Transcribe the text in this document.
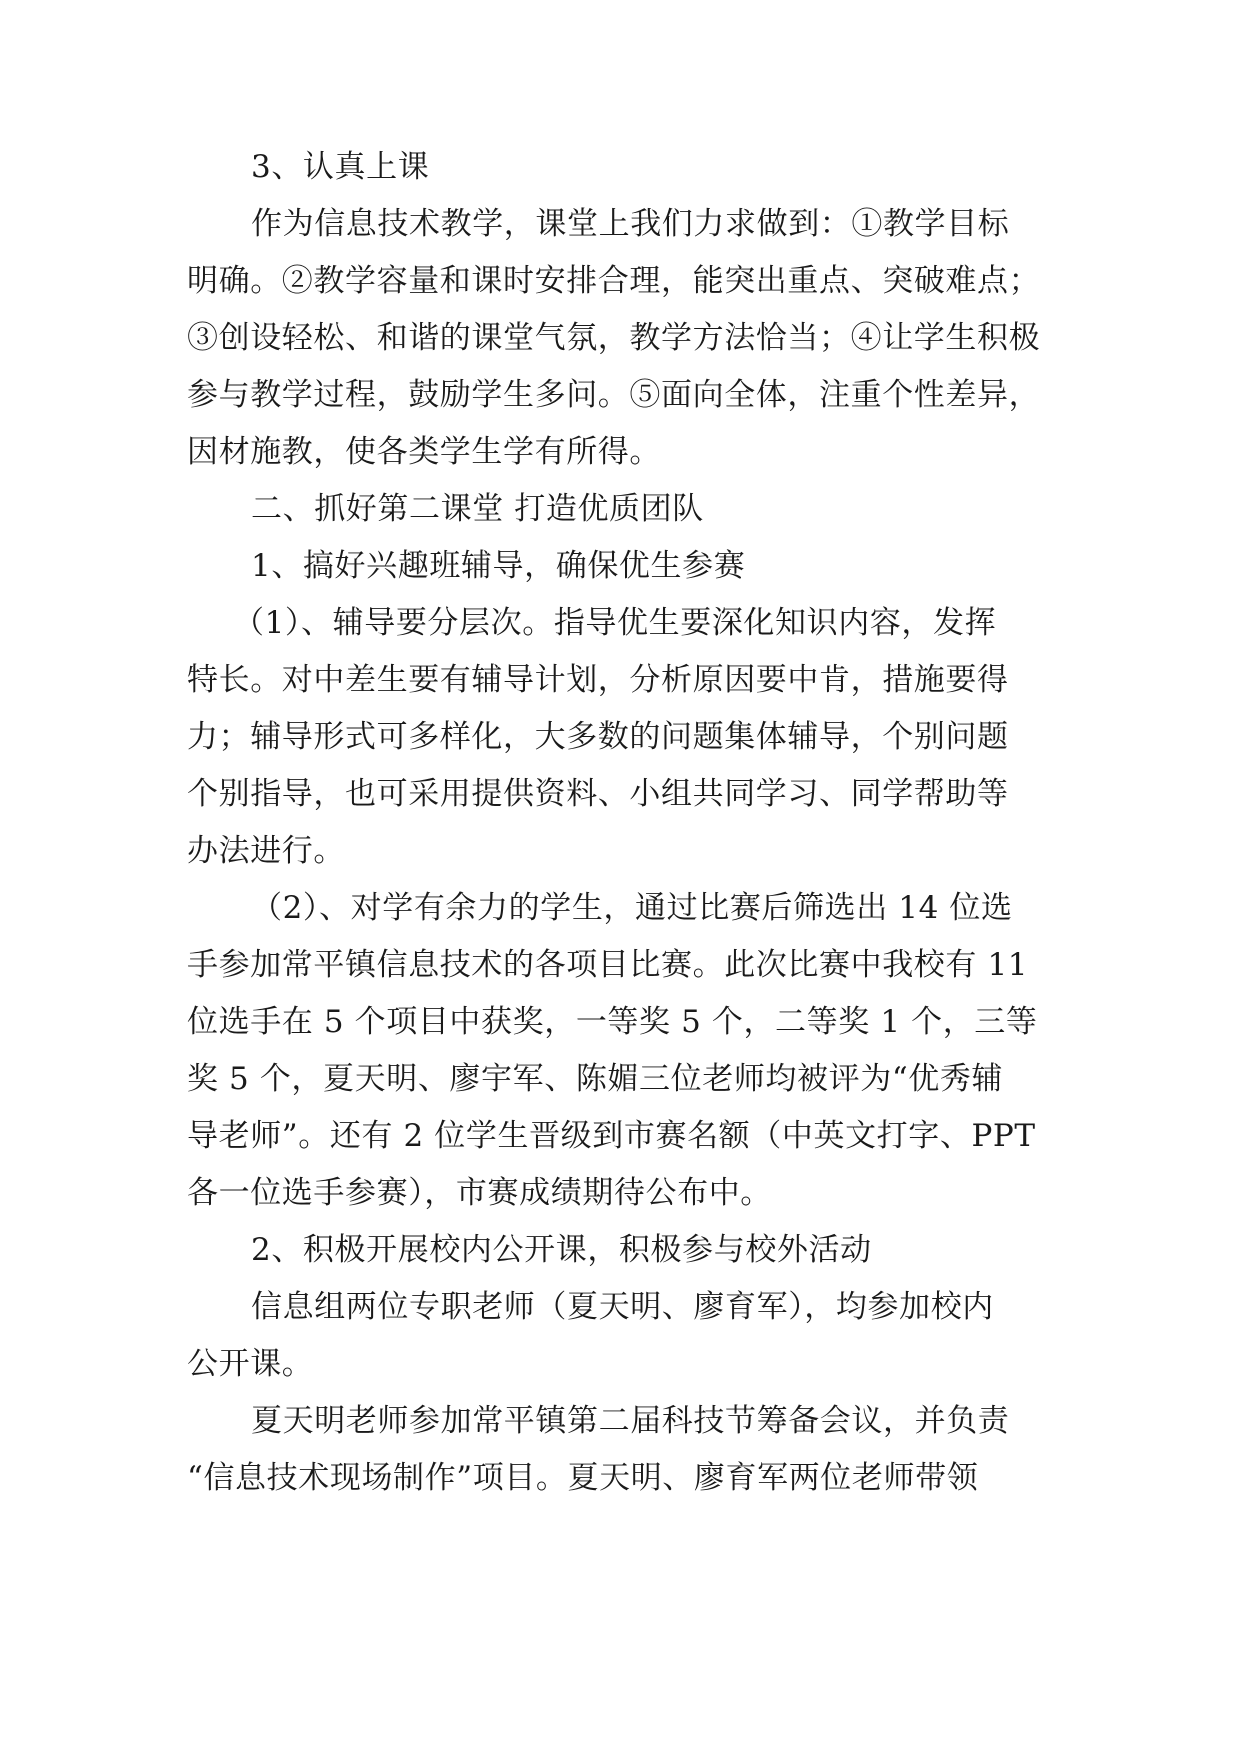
3、认真上课
作为信息技术教学，课堂上我们力求做到：①教学目标
明确。②教学容量和课时安排合理，能突出重点、突破难点；
③创设轻松、和谐的课堂气氛，教学方法恰当；④让学生积极
参与教学过程，鼓励学生多问。⑤面向全体，注重个性差异，
因材施教，使各类学生学有所得。
二、抓好第二课堂 打造优质团队
1、搞好兴趣班辅导，确保优生参赛
（1）、辅导要分层次。指导优生要深化知识内容，发挥
特长。对中差生要有辅导计划，分析原因要中肯，措施要得
力；辅导形式可多样化，大多数的问题集体辅导，个别问题
个别指导，也可采用提供资料、小组共同学习、同学帮助等
办法进行。
（2）、对学有余力的学生，通过比赛后筛选出 14 位选
手参加常平镇信息技术的各项目比赛。此次比赛中我校有 11
位选手在 5 个项目中获奖，一等奖 5 个，二等奖 1 个，三等
奖 5 个，夏天明、廖宇军、陈媚三位老师均被评为“优秀辅
导老师”。还有 2 位学生晋级到市赛名额（中英文打字、PPT
各一位选手参赛），市赛成绩期待公布中。
2、积极开展校内公开课，积极参与校外活动
信息组两位专职老师（夏天明、廖育军），均参加校内
公开课。
夏天明老师参加常平镇第二届科技节筹备会议，并负责
“信息技术现场制作”项目。夏天明、廖育军两位老师带领
